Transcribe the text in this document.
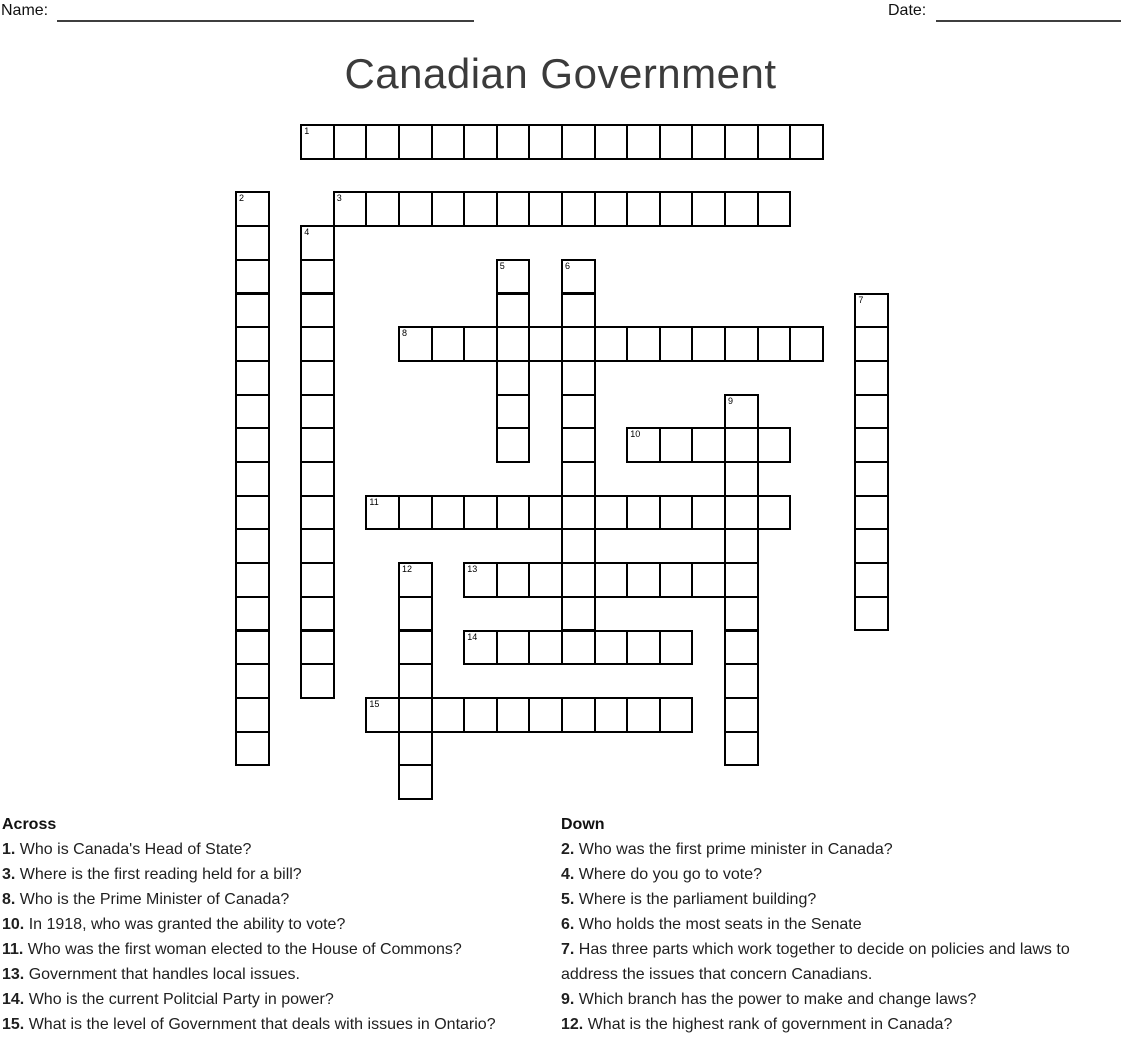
Name:	Date:
Canadian Government
1
2	3
4
5	6
7
8
9
10
11
12	13
14
15
Across
1. Who is Canada's Head of State?
3. Where is the first reading held for a bill?
8. Who is the Prime Minister of Canada?
10. In 1918, who was granted the ability to vote?
11. Who was the first woman elected to the House of Commons?
13. Government that handles local issues.
14. Who is the current Politcial Party in power?
15. What is the level of Government that deals with issues in Ontario?
Down
2. Who was the first prime minister in Canada?
4. Where do you go to vote?
5. Where is the parliament building?
6. Who holds the most seats in the Senate
7. Has three parts which work together to decide on policies and laws to address the issues that concern Canadians.
9. Which branch has the power to make and change laws?
12. What is the highest rank of government in Canada?
